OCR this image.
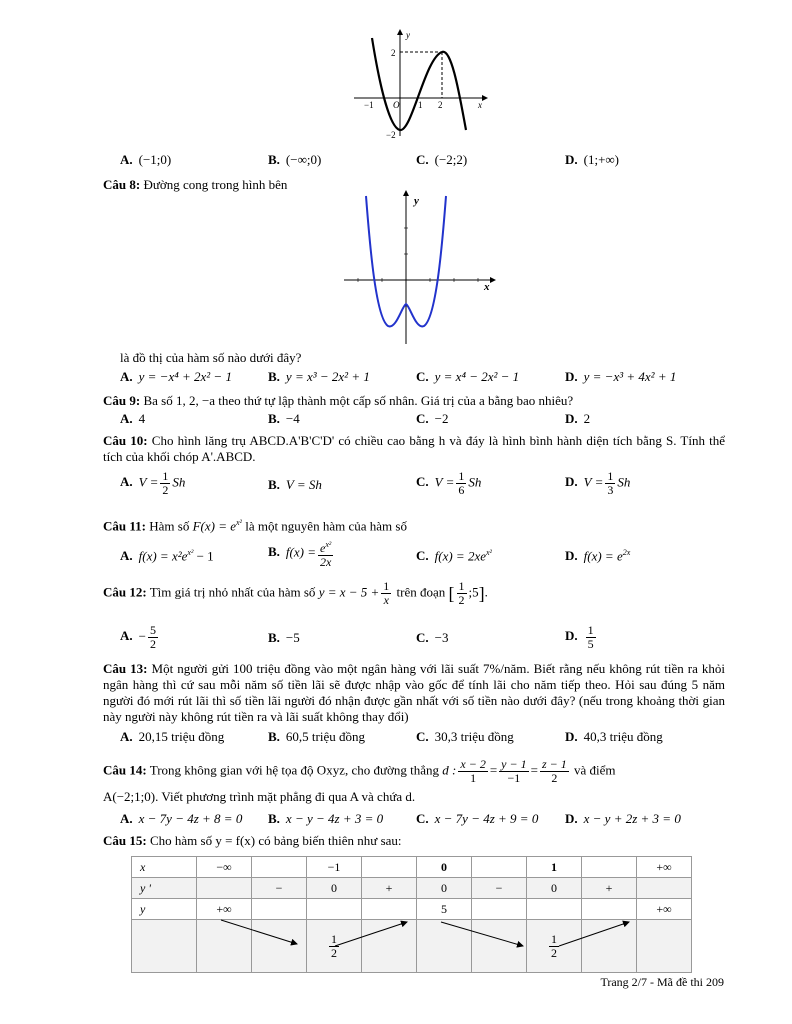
y
x
−1 O 1 2
2
−2
A. (−1;0)	B. (−∞;0)	C. (−2;2)	D. (1;+∞)
Câu 8: Đường cong trong hình bên
y
x
là đồ thị của hàm số nào dưới đây?
A. y = −x⁴ + 2x² − 1	B. y = x³ − 2x² + 1	C. y = x⁴ − 2x² − 1	D. y = −x³ + 4x² + 1
Câu 9: Ba số 1, 2, −a theo thứ tự lập thành một cấp số nhân. Giá trị của a bằng bao nhiêu?
A. 4	B. −4	C. −2	D. 2
Câu 10: Cho hình lăng trụ ABCD.A'B'C'D' có chiều cao bằng h và đáy là hình bình hành diện tích bằng S. Tính thể tích của khối chóp A'.ABCD.
A. $V = \frac{1}{2}$ Sh	B. V = Sh	C. $V = \frac{1}{6}$ Sh	D. $V = \frac{1}{3}$ Sh
Câu 11: Hàm số $F(x) = e^{x^2}$ là một nguyên hàm của hàm số
A. $f(x) = x^2e^{x^2} - 1$	B. $f(x) = \frac{e^{x^2}}{2x}$	C. $f(x) = 2xe^{x^2}$	D. $f(x) = e^{2x}$
Câu 12: Tìm giá trị nhỏ nhất của hàm số $y = x - 5 + \frac{1}{x}$ trên đoạn [ $\frac{1}{2}$ ;5].
A. − $\frac{5}{2}$	B. −5	C. −3	D. $\frac{1}{5}$
Câu 13: Một người gửi 100 triệu đồng vào một ngân hàng với lãi suất 7%/năm. Biết rằng nếu không rút tiền ra khỏi ngân hàng thì cứ sau mỗi năm số tiền lãi sẽ được nhập vào gốc để tính lãi cho năm tiếp theo. Hỏi sau đúng 5 năm người đó mới rút lãi thì số tiền lãi người đó nhận được gần nhất với số tiền nào dưới đây? (nếu trong khoảng thời gian này người này không rút tiền ra và lãi suất không thay đổi)
A. 20,15 triệu đồng	B. 60,5 triệu đồng	C. 30,3 triệu đồng	D. 40,3 triệu đồng
Câu 14: Trong không gian với hệ tọa độ Oxyz, cho đường thẳng d : $\frac{x - 2}{1} = \frac{y - 1}{-1} = \frac{z - 1}{2}$ và điểm
A(−2;1;0). Viết phương trình mặt phẳng đi qua A và chứa d.
A. x − 7y − 4z + 8 = 0 B. x − y − 4z + 3 = 0	C. x − 7y − 4z + 9 = 0 D. x − y + 2z + 3 = 0
Câu 15: Cho hàm số y = f(x) có bảng biến thiên như sau:
x	−∞		−1		0		1		+∞
y '		−	0	+	0	−	0	+	
y	+∞				5				+∞

			$\frac{1}{2}$				$\frac{1}{2}$

Trang 2/7 - Mã đề thi 209
